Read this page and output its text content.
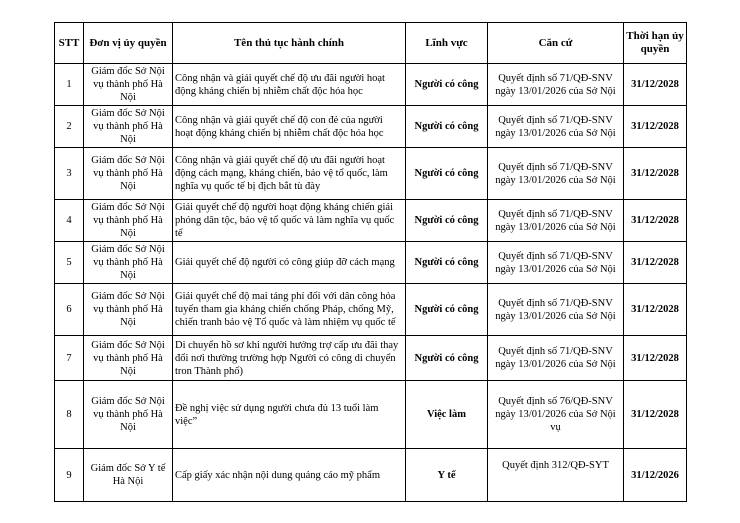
STT	Đơn vị ủy quyền	Tên thủ tục hành chính	Lĩnh vực	Căn cứ	Thời hạn ủy quyền
1	Giám đốc Sở Nội vụ thành phố Hà Nội	Công nhận và giải quyết chế độ ưu đãi người hoạt động kháng chiến bị nhiễm chất độc hóa học	Người có công	Quyết định số 71/QĐ-SNV ngày 13/01/2026 của Sở Nội	31/12/2028
2	Giám đốc Sở Nội vụ thành phố Hà Nội	Công nhận và giải quyết chế độ con đẻ của người hoạt động kháng chiến bị nhiễm chất độc hóa học	Người có công	Quyết định số 71/QĐ-SNV ngày 13/01/2026 của Sở Nội	31/12/2028
3	Giám đốc Sở Nội vụ thành phố Hà Nội	Công nhận và giải quyết chế độ ưu đãi người hoạt động cách mạng, kháng chiến, bảo vệ tổ quốc, làm nghĩa vụ quốc tế bị địch bắt tù đày	Người có công	Quyết định số 71/QĐ-SNV ngày 13/01/2026 của Sở Nội	31/12/2028
4	Giám đốc Sở Nội vụ thành phố Hà Nội	Giải quyết chế độ người hoạt động kháng chiến giải phóng dân tộc, bảo vệ tổ quốc và làm nghĩa vụ quốc tế	Người có công	Quyết định số 71/QĐ-SNV ngày 13/01/2026 của Sở Nội	31/12/2028
5	Giám đốc Sở Nội vụ thành phố Hà Nội	Giải quyết chế độ người có công giúp đỡ cách mạng	Người có công	Quyết định số 71/QĐ-SNV ngày 13/01/2026 của Sở Nội	31/12/2028
6	Giám đốc Sở Nội vụ thành phố Hà Nội	Giải quyết chế độ mai táng phí đối với dân công hỏa tuyến tham gia kháng chiến chống Pháp, chống Mỹ, chiến tranh bảo vệ Tổ quốc và làm nhiệm vụ quốc tế	Người có công	Quyết định số 71/QĐ-SNV ngày 13/01/2026 của Sở Nội	31/12/2028
7	Giám đốc Sở Nội vụ thành phố Hà Nội	Di chuyển hồ sơ khi người hưởng trợ cấp ưu đãi thay đổi nơi thường trường hợp Người có công di chuyển tron Thành phố)	Người có công	Quyết định số 71/QĐ-SNV ngày 13/01/2026 của Sở Nội	31/12/2028
8	Giám đốc Sở Nội vụ thành phố Hà Nội	Đề nghị việc sử dụng người chưa đủ 13 tuổi làm việc”	Việc làm	Quyết định số 76/QĐ-SNV ngày 13/01/2026 của Sở Nội vụ	31/12/2028
9	Giám đốc Sở Y tế Hà Nội	Cấp giấy xác nhận nội dung quảng cáo mỹ phẩm	Y tế	Quyết định 312/QĐ-SYT	31/12/2026
